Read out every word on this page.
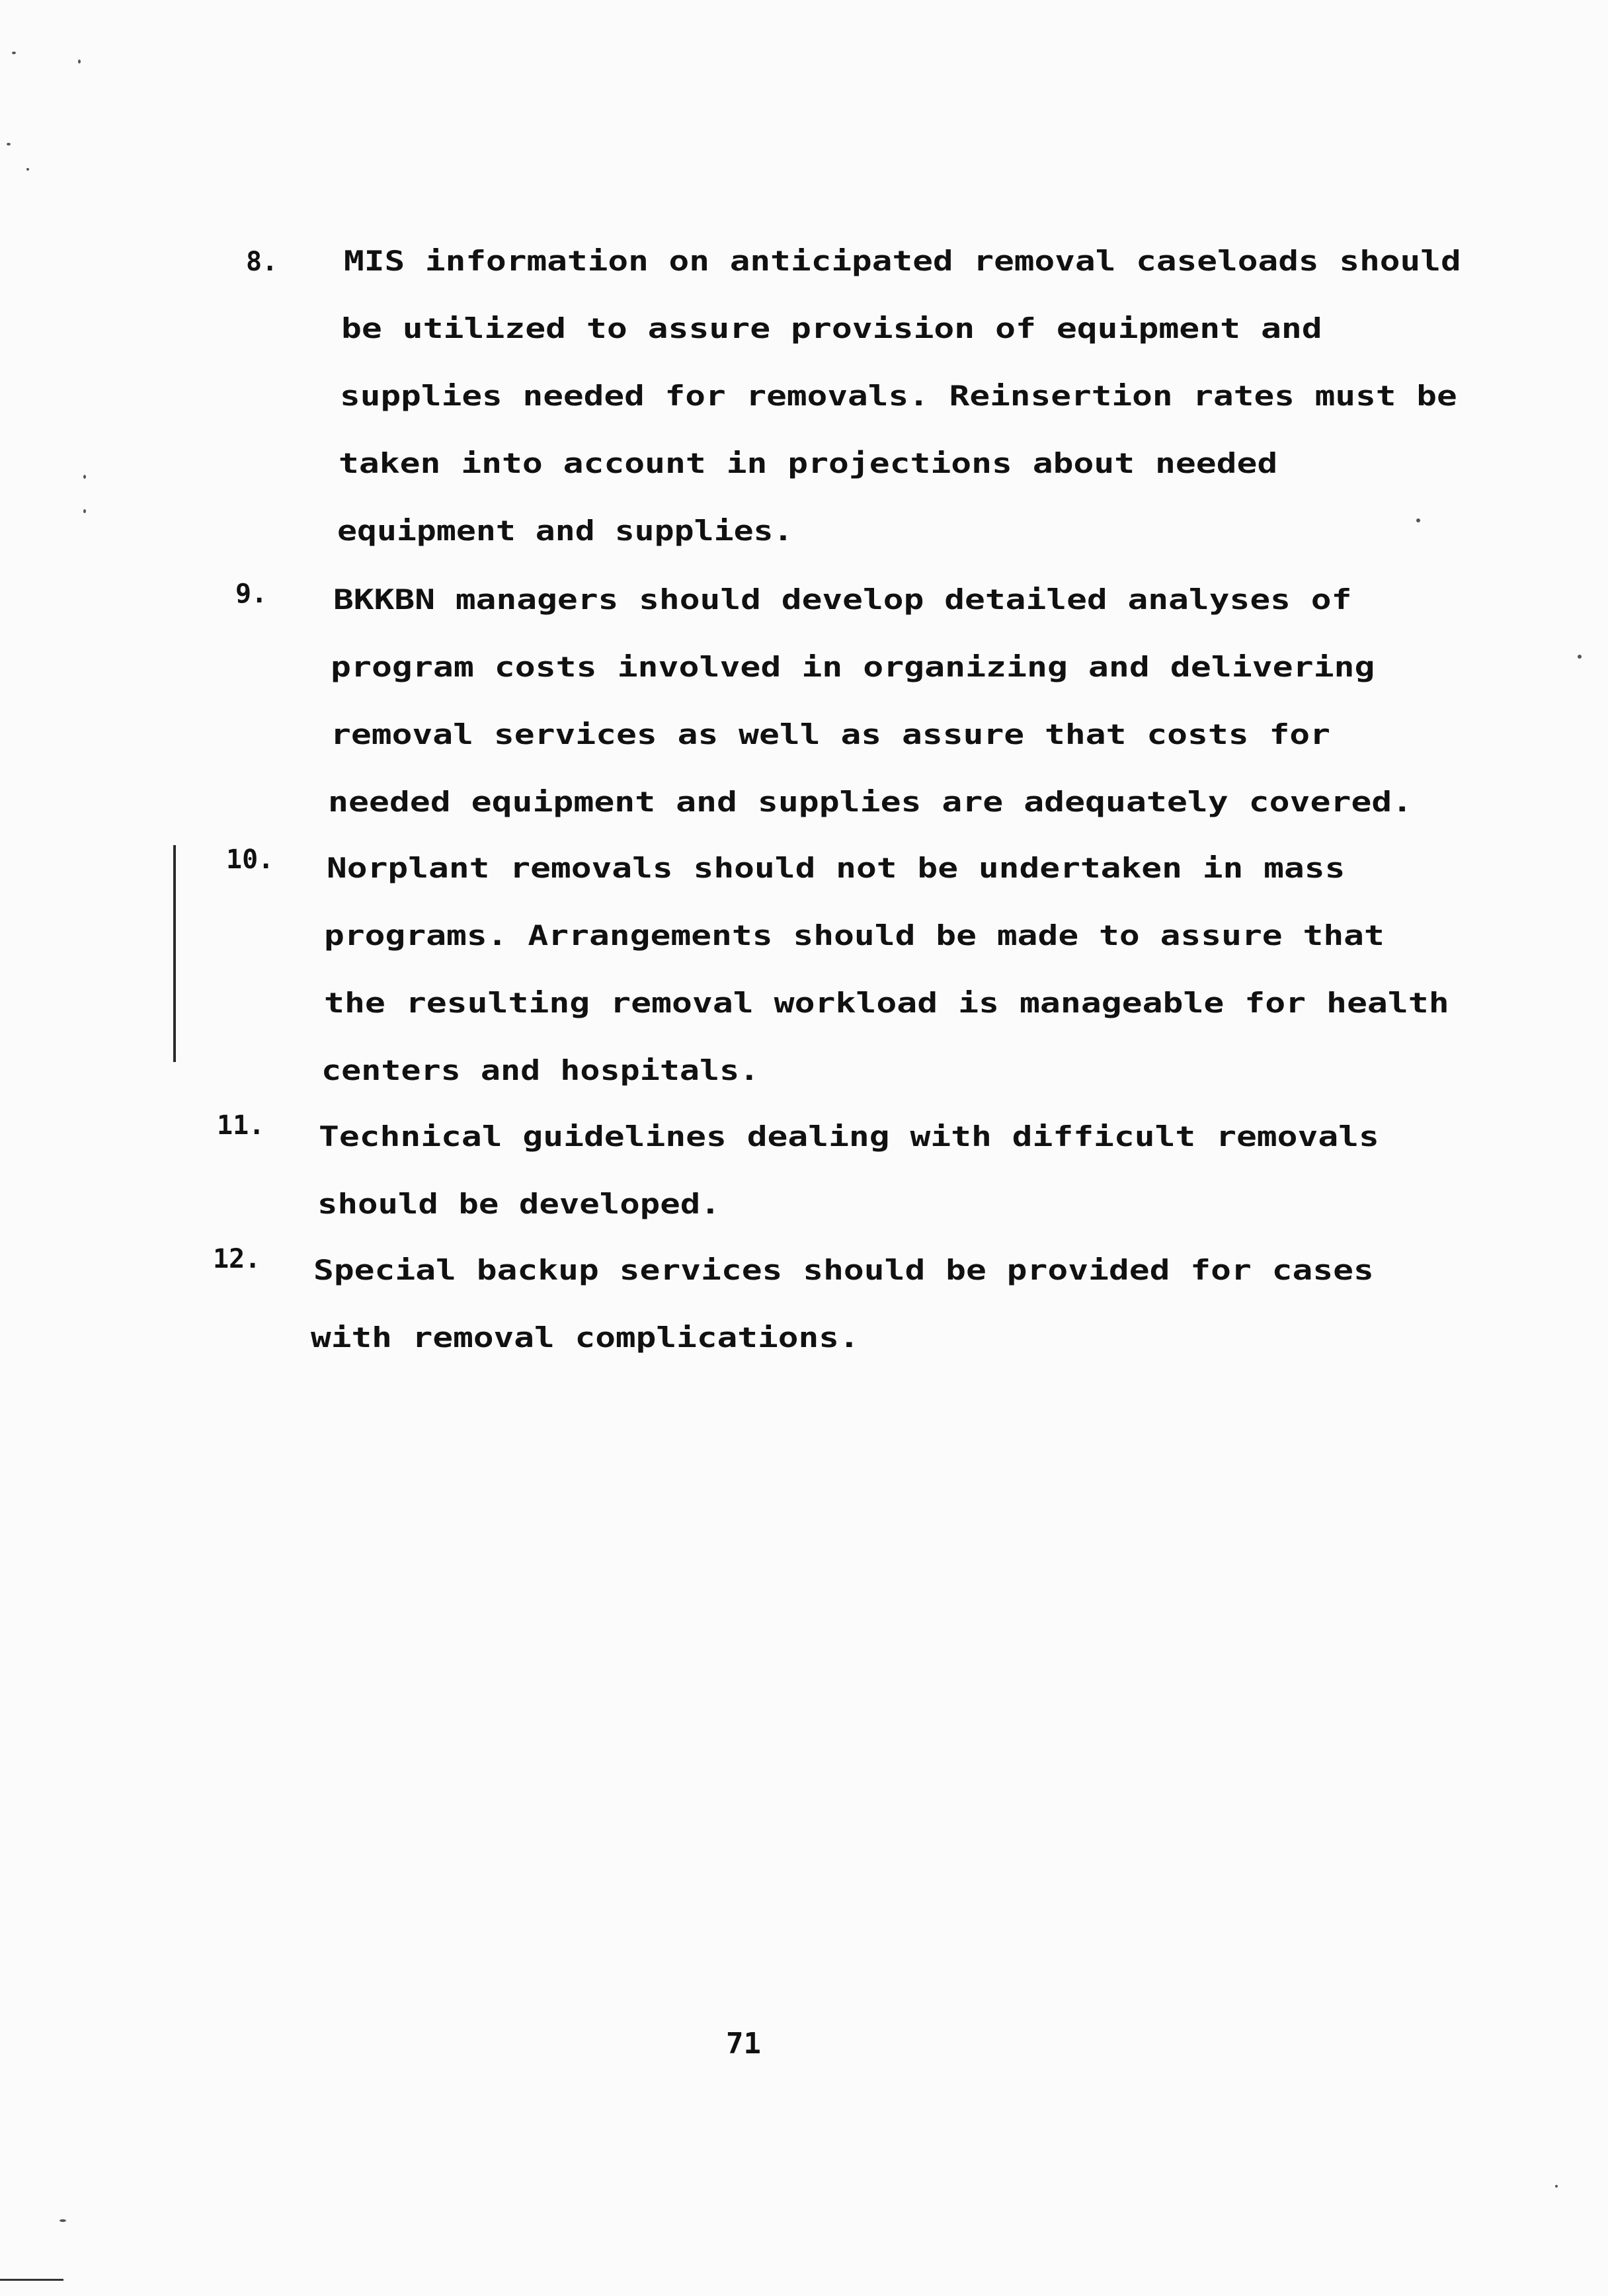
8. MIS information on anticipated removal caseloads should
be utilized to assure provision of equipment and
supplies needed for removals. Reinsertion rates must be
taken into account in projections about needed
equipment and supplies.
9. BKKBN managers should develop detailed analyses of
program costs involved in organizing and delivering
removal services as well as assure that costs for
needed equipment and supplies are adequately covered.
10. Norplant removals should not be undertaken in mass
programs. Arrangements should be made to assure that
the resulting removal workload is manageable for health
centers and hospitals.
11. Technical guidelines dealing with difficult removals
should be developed.
12. Special backup services should be provided for cases
with removal complications.
71
